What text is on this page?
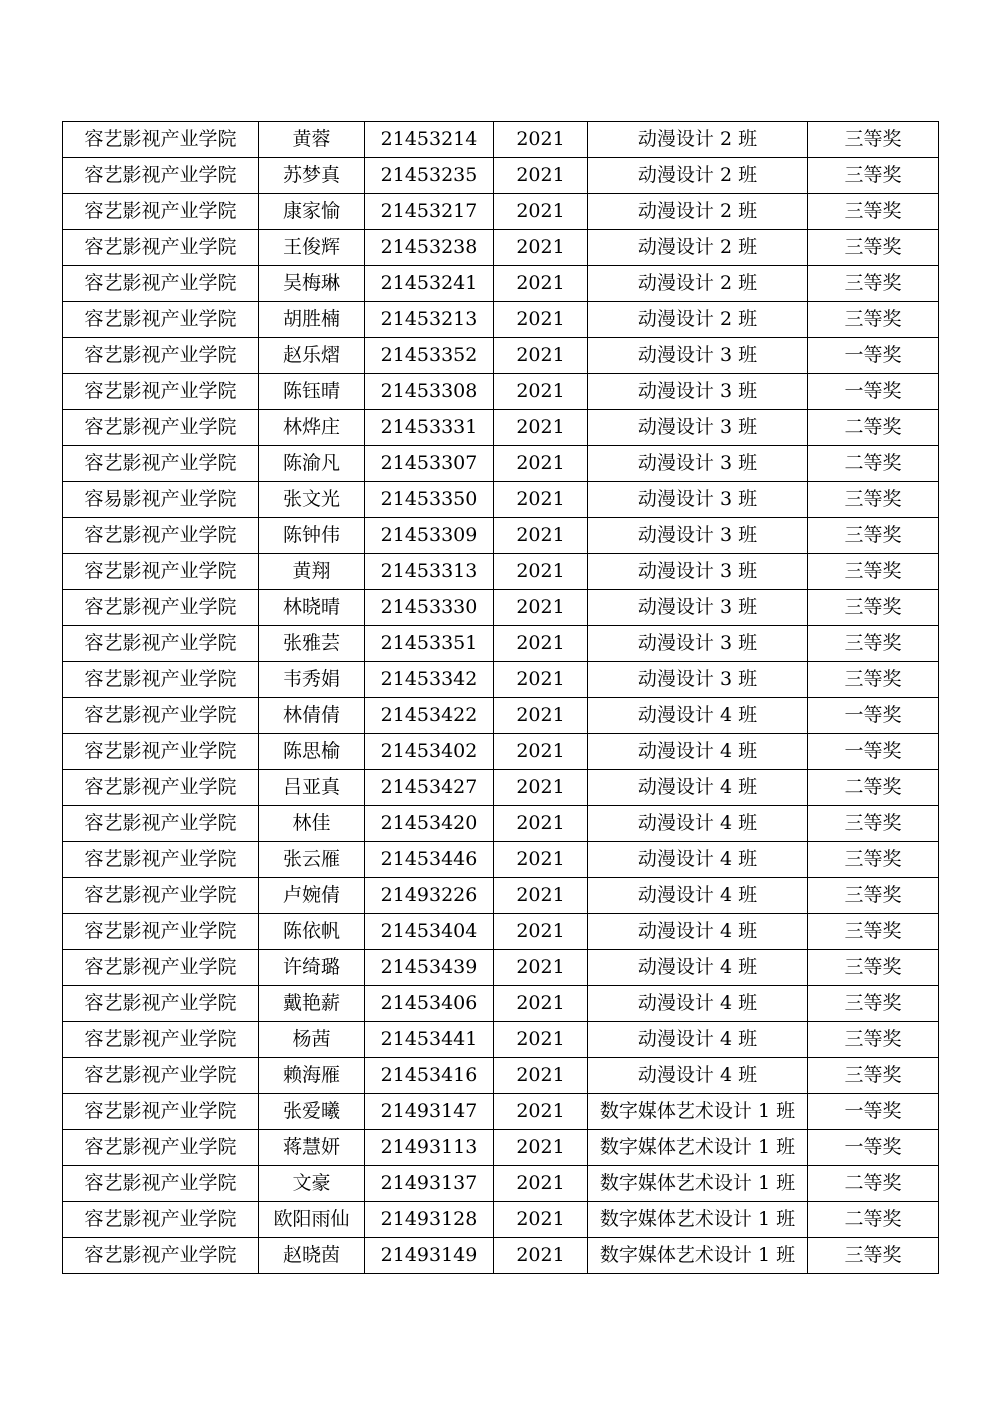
容艺影视产业学院	黄蓉	21453214	2021	动漫设计 2 班	三等奖
容艺影视产业学院	苏梦真	21453235	2021	动漫设计 2 班	三等奖
容艺影视产业学院	康家愉	21453217	2021	动漫设计 2 班	三等奖
容艺影视产业学院	王俊辉	21453238	2021	动漫设计 2 班	三等奖
容艺影视产业学院	吴梅琳	21453241	2021	动漫设计 2 班	三等奖
容艺影视产业学院	胡胜楠	21453213	2021	动漫设计 2 班	三等奖
容艺影视产业学院	赵乐熠	21453352	2021	动漫设计 3 班	一等奖
容艺影视产业学院	陈钰晴	21453308	2021	动漫设计 3 班	一等奖
容艺影视产业学院	林烨庄	21453331	2021	动漫设计 3 班	二等奖
容艺影视产业学院	陈渝凡	21453307	2021	动漫设计 3 班	二等奖
容易影视产业学院	张文光	21453350	2021	动漫设计 3 班	三等奖
容艺影视产业学院	陈钟伟	21453309	2021	动漫设计 3 班	三等奖
容艺影视产业学院	黄翔	21453313	2021	动漫设计 3 班	三等奖
容艺影视产业学院	林晓晴	21453330	2021	动漫设计 3 班	三等奖
容艺影视产业学院	张雅芸	21453351	2021	动漫设计 3 班	三等奖
容艺影视产业学院	韦秀娟	21453342	2021	动漫设计 3 班	三等奖
容艺影视产业学院	林倩倩	21453422	2021	动漫设计 4 班	一等奖
容艺影视产业学院	陈思榆	21453402	2021	动漫设计 4 班	一等奖
容艺影视产业学院	吕亚真	21453427	2021	动漫设计 4 班	二等奖
容艺影视产业学院	林佳	21453420	2021	动漫设计 4 班	三等奖
容艺影视产业学院	张云雁	21453446	2021	动漫设计 4 班	三等奖
容艺影视产业学院	卢婉倩	21493226	2021	动漫设计 4 班	三等奖
容艺影视产业学院	陈依帆	21453404	2021	动漫设计 4 班	三等奖
容艺影视产业学院	许绮璐	21453439	2021	动漫设计 4 班	三等奖
容艺影视产业学院	戴艳薪	21453406	2021	动漫设计 4 班	三等奖
容艺影视产业学院	杨茜	21453441	2021	动漫设计 4 班	三等奖
容艺影视产业学院	赖海雁	21453416	2021	动漫设计 4 班	三等奖
容艺影视产业学院	张爱曦	21493147	2021	数字媒体艺术设计 1 班	一等奖
容艺影视产业学院	蒋慧妍	21493113	2021	数字媒体艺术设计 1 班	一等奖
容艺影视产业学院	文豪	21493137	2021	数字媒体艺术设计 1 班	二等奖
容艺影视产业学院	欧阳雨仙	21493128	2021	数字媒体艺术设计 1 班	二等奖
容艺影视产业学院	赵晓茵	21493149	2021	数字媒体艺术设计 1 班	三等奖
